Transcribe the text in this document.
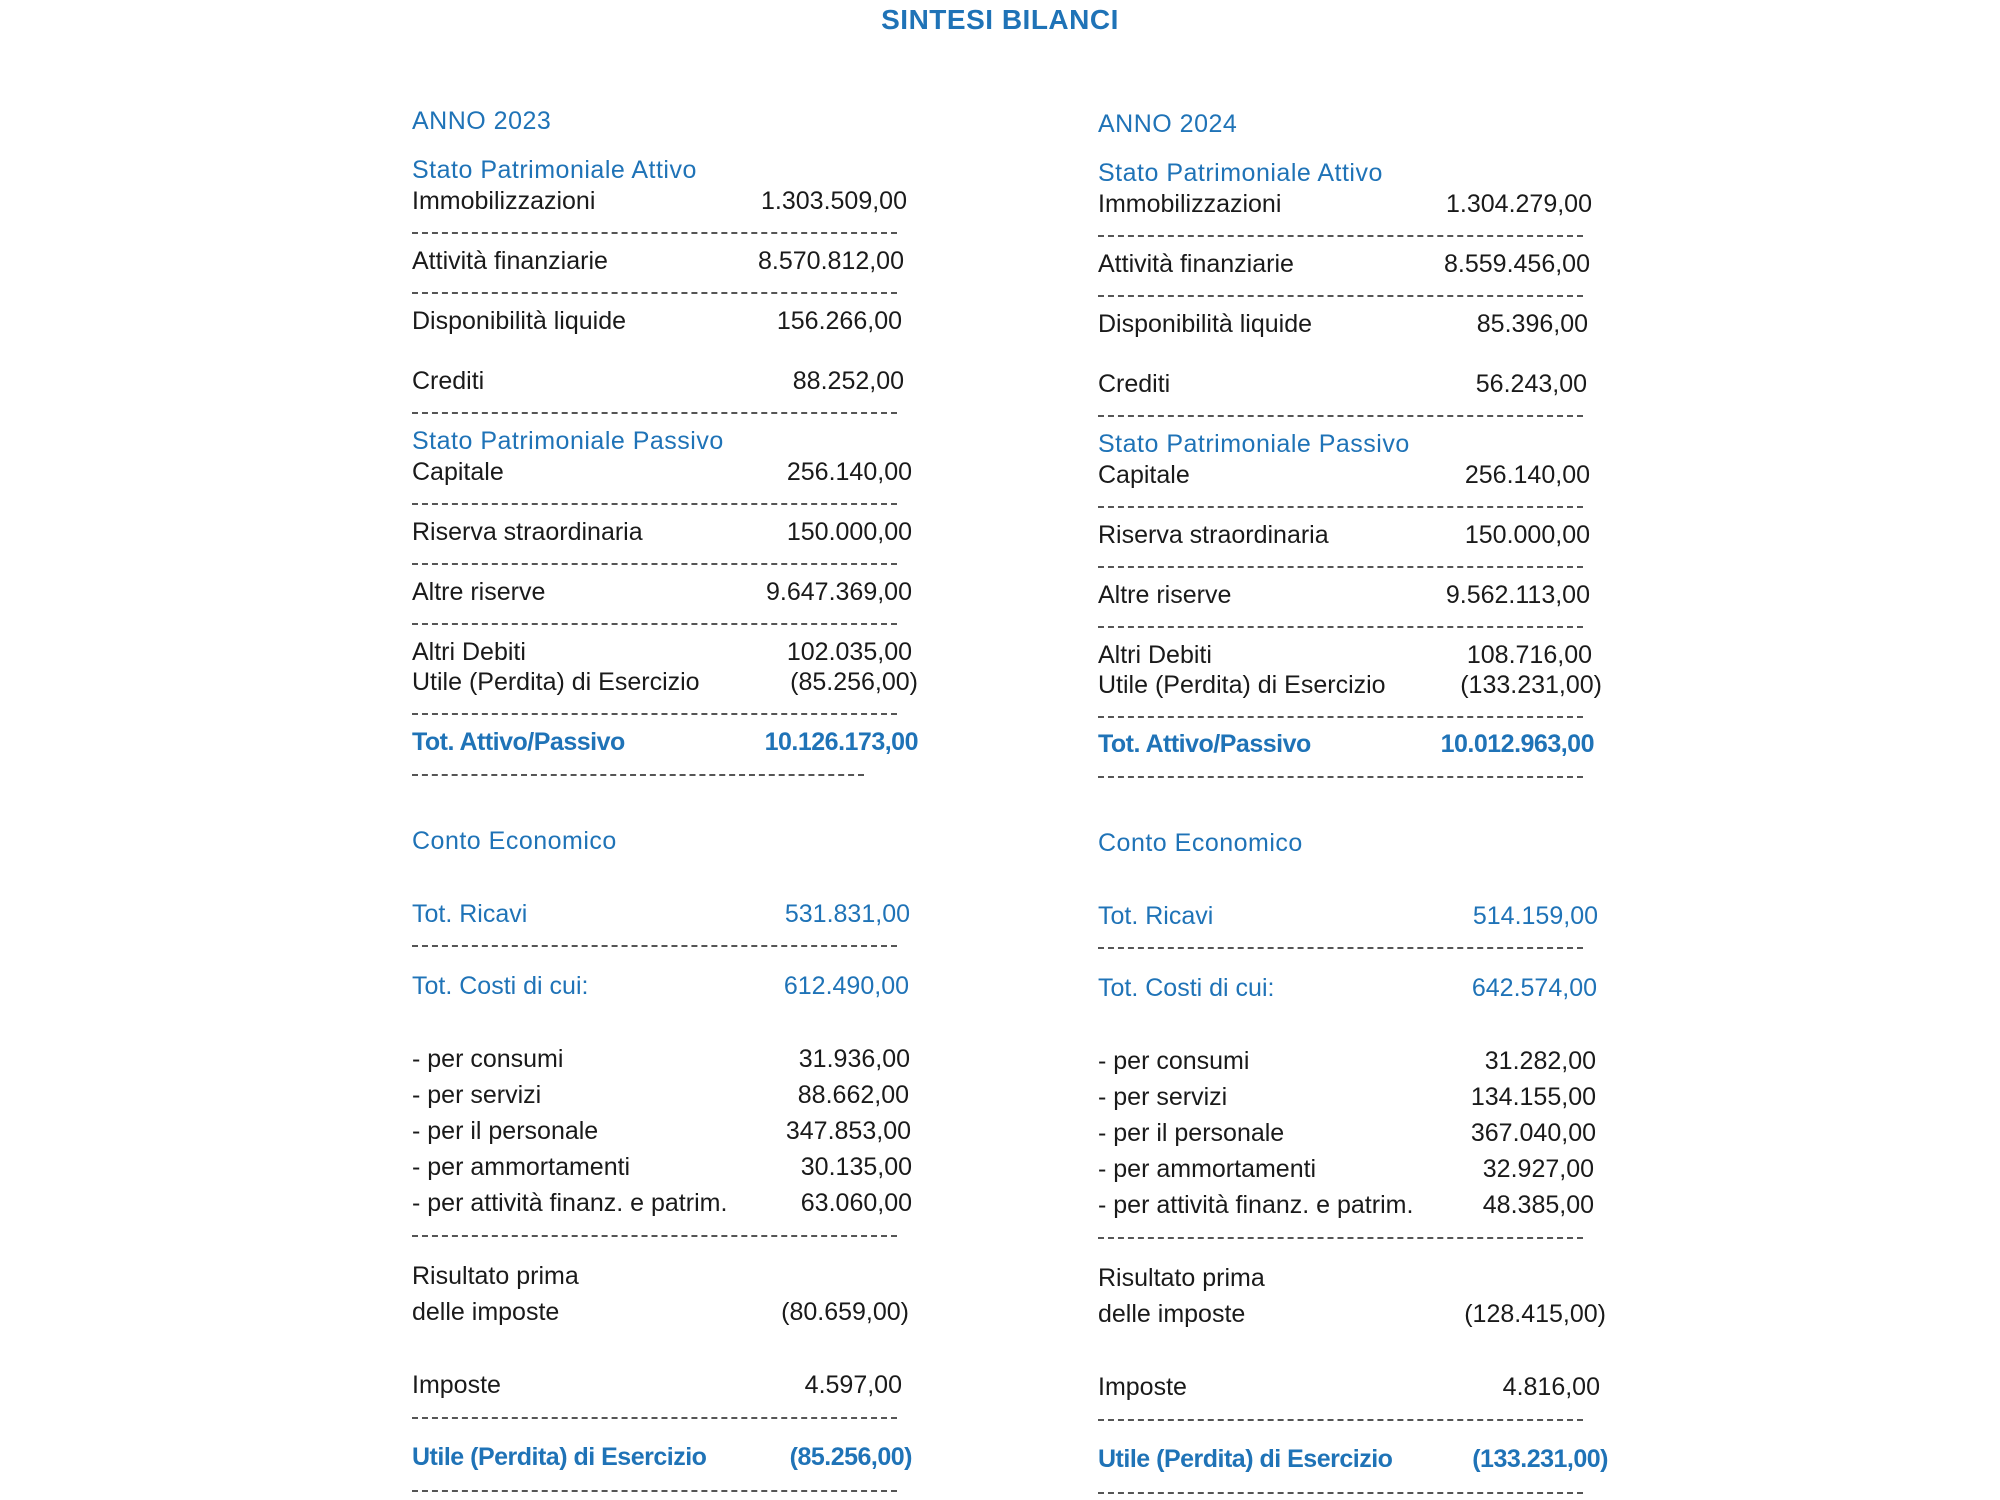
SINTESI BILANCI
ANNO 2023
Stato Patrimoniale Attivo
Immobilizzazioni	1.303.509,00
Attività finanziarie	8.570.812,00
Disponibilità liquide	156.266,00
Crediti	88.252,00
Stato Patrimoniale Passivo
Capitale	256.140,00
Riserva straordinaria	150.000,00
Altre riserve	9.647.369,00
Altri Debiti	102.035,00
Utile (Perdita) di Esercizio	(85.256,00)
Tot. Attivo/Passivo	10.126.173,00
Conto Economico
Tot. Ricavi	531.831,00
Tot. Costi di cui:	612.490,00
- per consumi	31.936,00
- per servizi	88.662,00
- per il personale	347.853,00
- per ammortamenti	30.135,00
- per attività finanz. e patrim.	63.060,00
Risultato prima
delle imposte	(80.659,00)
Imposte	4.597,00
Utile (Perdita) di Esercizio	(85.256,00)
ANNO 2024
Stato Patrimoniale Attivo
Immobilizzazioni	1.304.279,00
Attività finanziarie	8.559.456,00
Disponibilità liquide	85.396,00
Crediti	56.243,00
Stato Patrimoniale Passivo
Capitale	256.140,00
Riserva straordinaria	150.000,00
Altre riserve	9.562.113,00
Altri Debiti	108.716,00
Utile (Perdita) di Esercizio	(133.231,00)
Tot. Attivo/Passivo	10.012.963,00
Conto Economico
Tot. Ricavi	514.159,00
Tot. Costi di cui:	642.574,00
- per consumi	31.282,00
- per servizi	134.155,00
- per il personale	367.040,00
- per ammortamenti	32.927,00
- per attività finanz. e patrim.	48.385,00
Risultato prima
delle imposte	(128.415,00)
Imposte	4.816,00
Utile (Perdita) di Esercizio	(133.231,00)
